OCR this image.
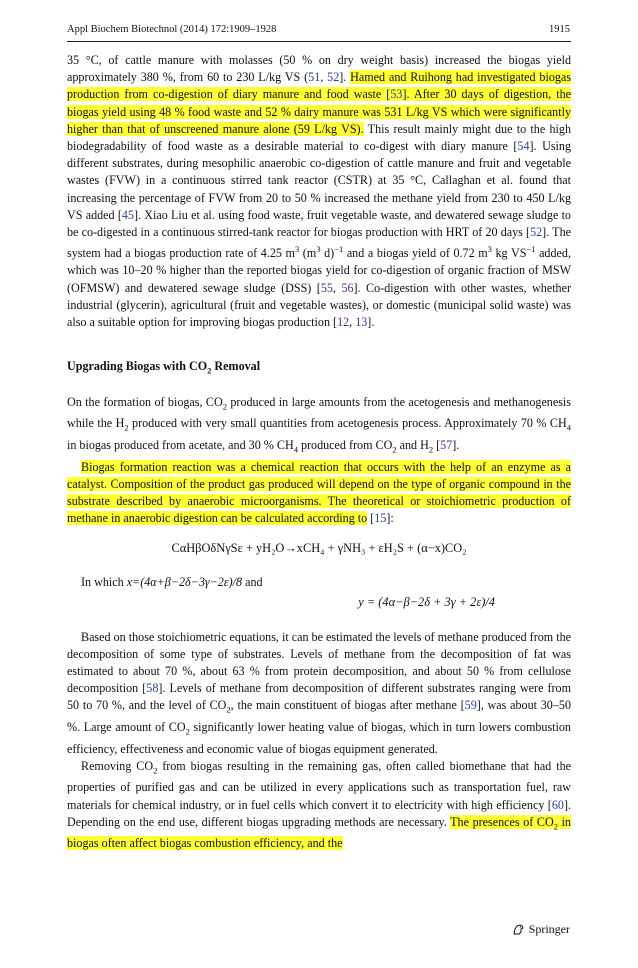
Appl Biochem Biotechnol (2014) 172:1909–1928	1915

35 °C, of cattle manure with molasses (50 % on dry weight basis) increased the biogas yield approximately 380 %, from 60 to 230 L/kg VS (51, 52]. Hamed and Ruihong had investigated biogas production from co-digestion of diary manure and food waste [53]. After 30 days of digestion, the biogas yield using 48 % food waste and 52 % dairy manure was 531 L/kg VS which were significantly higher than that of unscreened manure alone (59 L/kg VS). This result mainly might due to the high biodegradability of food waste as a desirable material to co-digest with diary manure [54]. Using different substrates, during mesophilic anaerobic co-digestion of cattle manure and fruit and vegetable wastes (FVW) in a continuous stirred tank reactor (CSTR) at 35 °C, Callaghan et al. found that increasing the percentage of FVW from 20 to 50 % increased the methane yield from 230 to 450 L/kg VS added [45]. Xiao Liu et al. using food waste, fruit vegetable waste, and dewatered sewage sludge to be co-digested in a continuous stirred-tank reactor for biogas production with HRT of 20 days [52]. The system had a biogas production rate of 4.25 $m^3$ ($m^3$ d)$^{-1}$ and a biogas yield of 0.72 $m^3$ kg $VS^{-1}$ added, which was 10–20 % higher than the reported biogas yield for co-digestion of organic fraction of MSW (OFMSW) and dewatered sewage sludge (DSS) [55, 56]. Co-digestion with other wastes, whether industrial (glycerin), agricultural (fruit and vegetable wastes), or domestic (municipal solid waste) was also a suitable option for improving biogas production [12, 13].

Upgrading Biogas with $CO_2$ Removal

On the formation of biogas, $CO_2$ produced in large amounts from the acetogenesis and methanogenesis while the $H_2$ produced with very small quantities from acetogenesis process. Approximately 70 % $CH_4$ in biogas produced from acetate, and 30 % $CH_4$ produced from $CO_2$ and $H_2$ [57].

Biogas formation reaction was a chemical reaction that occurs with the help of an enzyme as a catalyst. Composition of the product gas produced will depend on the type of organic compound in the substrate described by anaerobic microorganisms. The theoretical or stoichiometric production of methane in anaerobic digestion can be calculated according to [15]:

CαHβOδNγSε + yH₂O→xCH₄ + γNH₃ + εH₂S + (α−x)CO₂

In which x=(4α+β−2δ−3γ−2ε)/8 and

y = (4α−β−2δ + 3γ + 2ε)/4

Based on those stoichiometric equations, it can be estimated the levels of methane produced from the decomposition of some type of substrates. Levels of methane from the decomposition of fat was estimated to about 70 %, about 63 % from protein decomposition, and about 50 % from cellulose decomposition [58]. Levels of methane from decomposition of different substrates ranging were from 50 to 70 %, and the level of $CO_2$, the main constituent of biogas after methane [59], was about 30–50 %. Large amount of $CO_2$ significantly lower heating value of biogas, which in turn lowers combustion efficiency, effectiveness and economic value of biogas equipment generated.

Removing $CO_2$ from biogas resulting in the remaining gas, often called biomethane that had the properties of purified gas and can be utilized in every applications such as transportation fuel, raw materials for chemical industry, or in fuel cells which convert it to electricity with high efficiency [60]. Depending on the end use, different biogas upgrading methods are necessary. The presences of $CO_2$ in biogas often affect biogas combustion efficiency, and the

Springer
